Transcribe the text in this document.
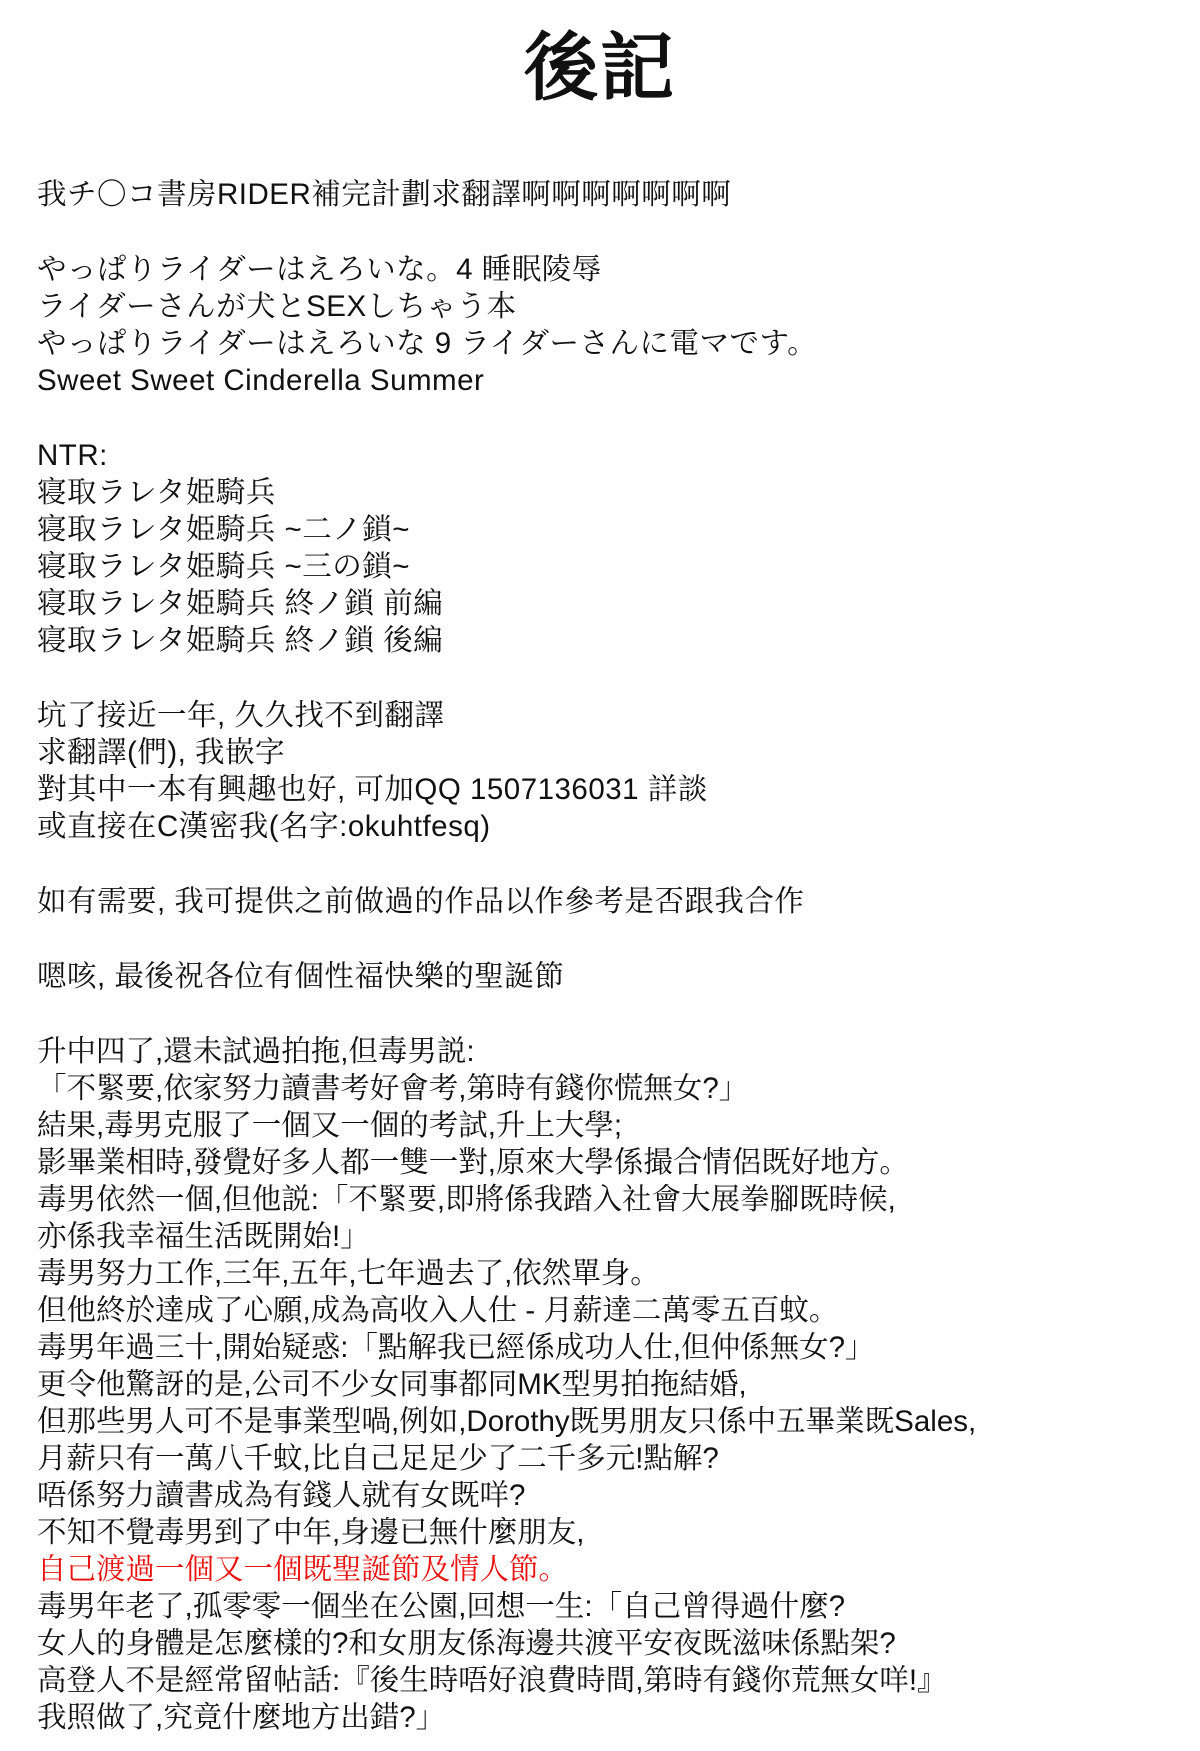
後記
我チ〇コ書房RIDER補完計劃求翻譯啊啊啊啊啊啊啊
やっぱりライダーはえろいな。4 睡眠陵辱
ライダーさんが犬とSEXしちゃう本
やっぱりライダーはえろいな 9 ライダーさんに電マです。
Sweet Sweet Cinderella Summer
NTR:
寝取ラレタ姫騎兵
寝取ラレタ姫騎兵 ~二ノ鎖~
寝取ラレタ姫騎兵 ~三の鎖~
寝取ラレタ姫騎兵 終ノ鎖 前編
寝取ラレタ姫騎兵 終ノ鎖 後編
坑了接近一年, 久久找不到翻譯
求翻譯(們), 我嵌字
對其中一本有興趣也好, 可加QQ 1507136031 詳談
或直接在C漢密我(名字:okuhtfesq)
如有需要, 我可提供之前做過的作品以作參考是否跟我合作
嗯咳, 最後祝各位有個性福快樂的聖誕節
升中四了,還未試過拍拖,但毒男説:
「不緊要,依家努力讀書考好會考,第時有錢你慌無女?」
結果,毒男克服了一個又一個的考試,升上大學;
影畢業相時,發覺好多人都一雙一對,原來大學係撮合情侶既好地方。
毒男依然一個,但他説:「不緊要,即將係我踏入社會大展拳腳既時候,
亦係我幸福生活既開始!」
毒男努力工作,三年,五年,七年過去了,依然單身。
但他終於達成了心願,成為高收入人仕 - 月薪達二萬零五百蚊。
毒男年過三十,開始疑惑:「點解我已經係成功人仕,但仲係無女?」
更令他驚訝的是,公司不少女同事都同MK型男拍拖結婚,
但那些男人可不是事業型喎,例如,Dorothy既男朋友只係中五畢業既Sales,
月薪只有一萬八千蚊,比自己足足少了二千多元!點解?
唔係努力讀書成為有錢人就有女既咩?
不知不覺毒男到了中年,身邊已無什麼朋友,
自己渡過一個又一個既聖誕節及情人節。
毒男年老了,孤零零一個坐在公園,回想一生:「自己曾得過什麼?
女人的身體是怎麼樣的?和女朋友係海邊共渡平安夜既滋味係點架?
高登人不是經常留帖話:『後生時唔好浪費時間,第時有錢你荒無女咩!』
我照做了,究竟什麼地方出錯?」
